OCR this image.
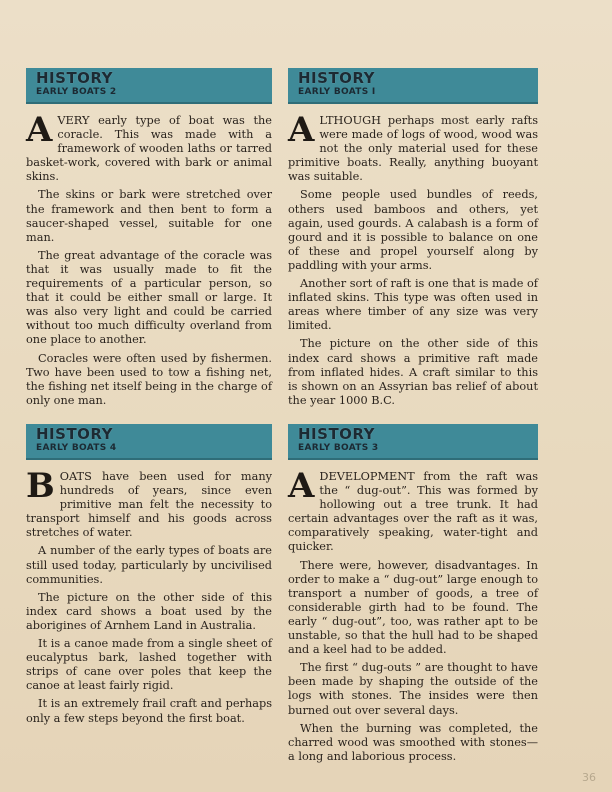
HISTORY
EARLY BOATS 2

AVERY early type of boat was the coracle. This was made with a framework of wooden laths or tarred basket-work, covered with bark or animal skins.

The skins or bark were stretched over the framework and then bent to form a saucer-shaped vessel, suitable for one man.

The great advantage of the coracle was that it was usually made to fit the requirements of a particular person, so that it could be either small or large. It was also very light and could be carried without too much difficulty overland from one place to another.

Coracles were often used by fishermen. Two have been used to tow a fishing net, the fishing net itself being in the charge of only one man.

HISTORY
EARLY BOATS I

ALTHOUGH perhaps most early rafts were made of logs of wood, wood was not the only material used for these primitive boats. Really, anything buoyant was suitable.

Some people used bundles of reeds, others used bamboos and others, yet again, used gourds. A calabash is a form of gourd and it is possible to balance on one of these and propel yourself along by paddling with your arms.

Another sort of raft is one that is made of inflated skins. This type was often used in areas where timber of any size was very limited.

The picture on the other side of this index card shows a primitive raft made from inflated hides. A craft similar to this is shown on an Assyrian bas relief of about the year 1000 B.C.

HISTORY
EARLY BOATS 4

BOATS have been used for many hundreds of years, since even primitive man felt the necessity to transport himself and his goods across stretches of water.

A number of the early types of boats are still used today, particularly by uncivilised communities.

The picture on the other side of this index card shows a boat used by the aborigines of Arnhem Land in Australia.

It is a canoe made from a single sheet of eucalyptus bark, lashed together with strips of cane over poles that keep the canoe at least fairly rigid.

It is an extremely frail craft and perhaps only a few steps beyond the first boat.

HISTORY
EARLY BOATS 3

ADEVELOPMENT from the raft was the “ dug-out”. This was formed by hollowing out a tree trunk. It had certain advantages over the raft as it was, comparatively speaking, water-tight and quicker.

There were, however, disadvantages. In order to make a “ dug-out” large enough to transport a number of goods, a tree of considerable girth had to be found. The early “ dug-out”, too, was rather apt to be unstable, so that the hull had to be shaped and a keel had to be added.

The first “ dug-outs ” are thought to have been made by shaping the outside of the logs with stones. The insides were then burned out over several days.

When the burning was completed, the charred wood was smoothed with stones—a long and laborious process.

36
